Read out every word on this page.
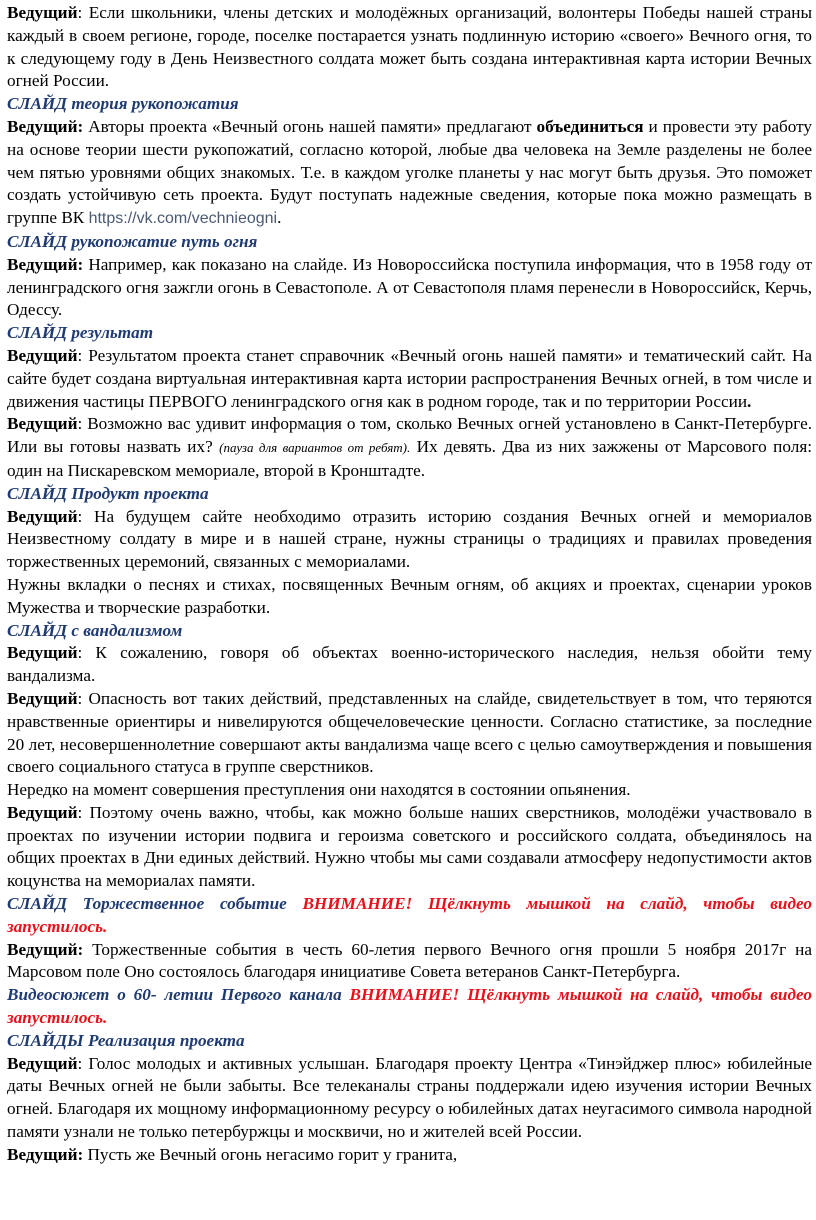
Ведущий: Если школьники, члены детских и молодёжных организаций, волонтеры Победы нашей страны каждый в своем регионе, городе, поселке постарается узнать подлинную историю «своего» Вечного огня, то к следующему году в День Неизвестного солдата может быть создана интерактивная карта истории Вечных огней России.

СЛАЙД теория рукопожатия

Ведущий: Авторы проекта «Вечный огонь нашей памяти» предлагают объединиться и провести эту работу на основе теории шести рукопожатий, согласно которой, любые два человека на Земле разделены не более чем пятью уровнями общих знакомых. Т.е. в каждом уголке планеты у нас могут быть друзья. Это поможет создать устойчивую сеть проекта. Будут поступать надежные сведения, которые пока можно размещать в группе ВК https://vk.com/vechnieogni.

СЛАЙД рукопожатие путь огня

Ведущий: Например, как показано на слайде. Из Новороссийска поступила информация, что в 1958 году от ленинградского огня зажгли огонь в Севастополе. А от Севастополя пламя перенесли в Новороссийск, Керчь, Одессу.

СЛАЙД результат

Ведущий: Результатом проекта станет справочник «Вечный огонь нашей памяти» и тематический сайт. На сайте будет создана виртуальная интерактивная карта истории распространения Вечных огней, в том числе и движения частицы ПЕРВОГО ленинградского огня как в родном городе, так и по территории России.

Ведущий: Возможно вас удивит информация о том, сколько Вечных огней установлено в Санкт-Петербурге. Или вы готовы назвать их? (пауза для вариантов от ребят). Их девять. Два из них зажжены от Марсового поля: один на Пискаревском мемориале, второй в Кронштадте.

СЛАЙД Продукт проекта

Ведущий: На будущем сайте необходимо отразить историю создания Вечных огней и мемориалов Неизвестному солдату в мире и в нашей стране, нужны страницы о традициях и правилах проведения торжественных церемоний, связанных с мемориалами.

Нужны вкладки о песнях и стихах, посвященных Вечным огням, об акциях и проектах, сценарии уроков Мужества и творческие разработки.

СЛАЙД с вандализмом

Ведущий: К сожалению, говоря об объектах военно-исторического наследия, нельзя обойти тему вандализма.

Ведущий: Опасность вот таких действий, представленных на слайде, свидетельствует в том, что теряются нравственные ориентиры и нивелируются общечеловеческие ценности. Согласно статистике, за последние 20 лет, несовершеннолетние совершают акты вандализма чаще всего с целью самоутверждения и повышения своего социального статуса в группе сверстников.

Нередко на момент совершения преступления они находятся в состоянии опьянения.

Ведущий: Поэтому очень важно, чтобы, как можно больше наших сверстников, молодёжи участвовало в проектах по изучении истории подвига и героизма советского и российского солдата, объединялось на общих проектах в Дни единых действий. Нужно чтобы мы сами создавали атмосферу недопустимости актов коцунства на мемориалах памяти.

СЛАЙД Торжественное событие ВНИМАНИЕ! Щёлкнуть мышкой на слайд, чтобы видео запустилось.

Ведущий: Торжественные события в честь 60-летия первого Вечного огня прошли 5 ноября 2017г на Марсовом поле Оно состоялось благодаря инициативе Совета ветеранов Санкт-Петербурга.

Видеосюжет о 60- летии Первого канала ВНИМАНИЕ! Щёлкнуть мышкой на слайд, чтобы видео запустилось.

СЛАЙДЫ Реализация проекта

Ведущий: Голос молодых и активных услышан. Благодаря проекту Центра «Тинэйджер плюс» юбилейные даты Вечных огней не были забыты. Все телеканалы страны поддержали идею изучения истории Вечных огней. Благодаря их мощному информационному ресурсу о юбилейных датах неугасимого символа народной памяти узнали не только петербуржцы и москвичи, но и жителей всей России.

Ведущий: Пусть же Вечный огонь негасимо горит у гранита,
